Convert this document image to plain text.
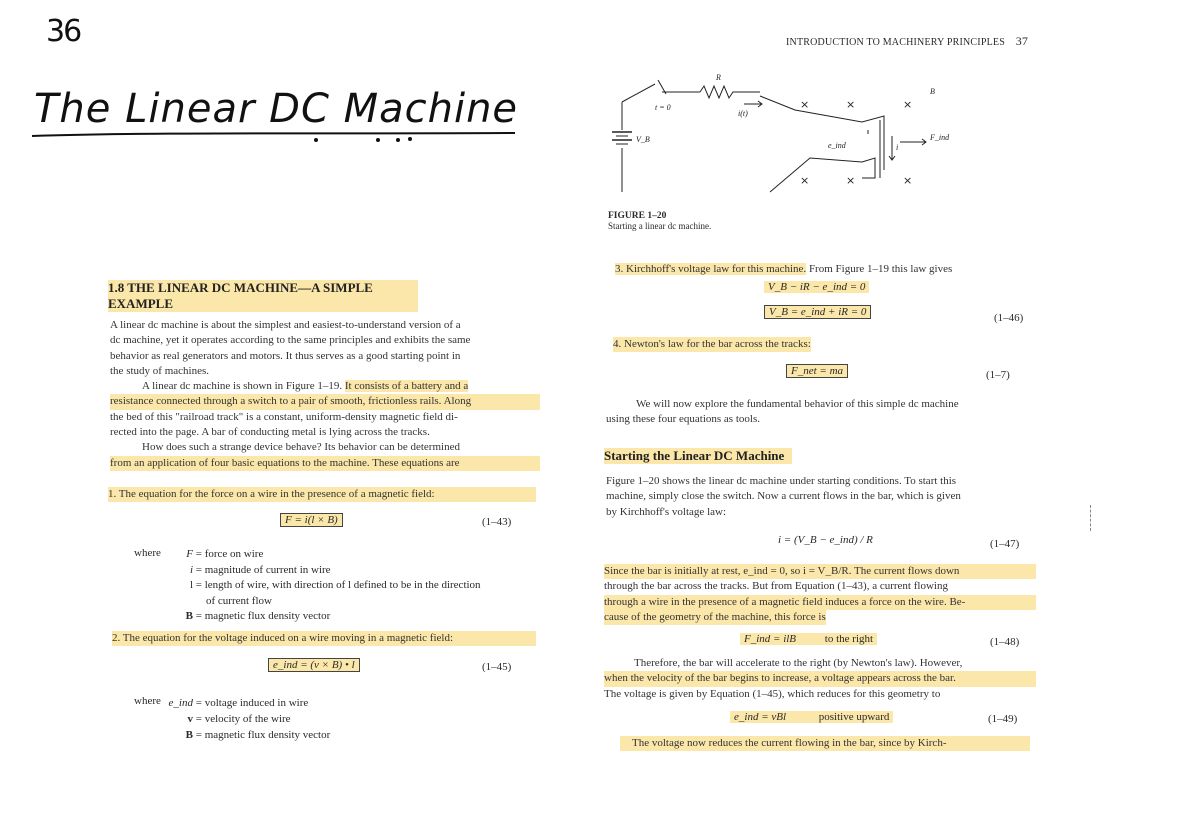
36
The Linear DC Machine
1.8 THE LINEAR DC MACHINE—A SIMPLE
EXAMPLE

A linear dc machine is about the simplest and easiest-to-understand version of a

dc machine, yet it operates according to the same principles and exhibits the same

behavior as real generators and motors. It thus serves as a good starting point in

the study of machines.

A linear dc machine is shown in Figure 1–19. It consists of a battery and a

resistance connected through a switch to a pair of smooth, frictionless rails. Along

the bed of this "railroad track" is a constant, uniform-density magnetic field di-

rected into the page. A bar of conducting metal is lying across the tracks.

How does such a strange device behave? Its behavior can be determined

from an application of four basic equations to the machine. These equations are

1. The equation for the force on a wire in the presence of a magnetic field:
F = i(l × B)	(1–43)
where	F = force on wire
i = magnitude of current in wire
l = length of wire, with direction of l defined to be in the direction
of current flow
B = magnetic flux density vector
2. The equation for the voltage induced on a wire moving in a magnetic field:
e_ind = (v × B) • l	(1–45)
where e_ind = voltage induced in wire
v = velocity of the wire
B = magnetic flux density vector
INTRODUCTION TO MACHINERY PRINCIPLES 37
×	×	×
×	×	×
R
B
V_B
t = 0
i(t)
e_ind	i
F_ind
FIGURE 1–20
Starting a linear dc machine.
3. Kirchhoff's voltage law for this machine. From Figure 1–19 this law gives
V_B − iR − e_ind = 0
V_B = e_ind + iR = 0	(1–46)
4. Newton's law for the bar across the tracks:
F_net = ma	(1–7)

We will now explore the fundamental behavior of this simple dc machine

using these four equations as tools.

Starting the Linear DC Machine

Figure 1–20 shows the linear dc machine under starting conditions. To start this

machine, simply close the switch. Now a current flows in the bar, which is given

by Kirchhoff's voltage law:

i = (V_B − e_ind) / R	(1–47)

Since the bar is initially at rest, e_ind = 0, so i = V_B/R. The current flows down

through the bar across the tracks. But from Equation (1–43), a current flowing

through a wire in the presence of a magnetic field induces a force on the wire. Be-

cause of the geometry of the machine, this force is

F_ind = ilB	to the right	(1–48)

Therefore, the bar will accelerate to the right (by Newton's law). However,

when the velocity of the bar begins to increase, a voltage appears across the bar.

The voltage is given by Equation (1–45), which reduces for this geometry to

e_ind = vBl	positive upward	(1–49)
The voltage now reduces the current flowing in the bar, since by Kirch-
